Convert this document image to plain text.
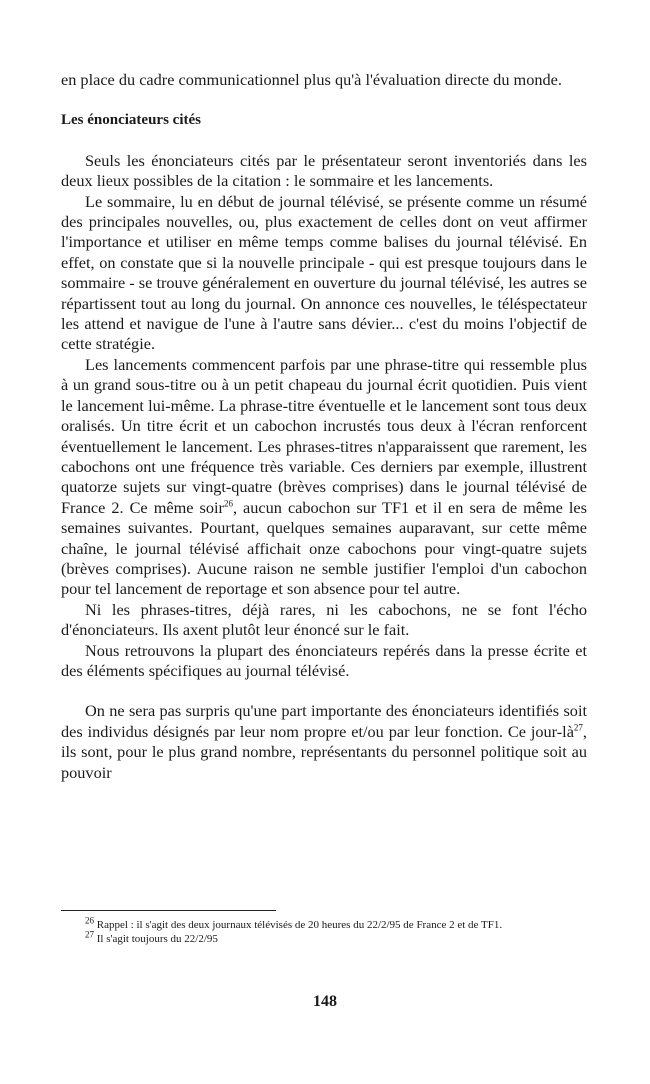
en place du cadre communicationnel plus qu'à l'évaluation directe du monde.

Les énonciateurs cités

Seuls les énonciateurs cités par le présentateur seront inventoriés dans les deux lieux possibles de la citation : le sommaire et les lancements.

Le sommaire, lu en début de journal télévisé, se présente comme un résumé des principales nouvelles, ou, plus exactement de celles dont on veut affirmer l'importance et utiliser en même temps comme balises du journal télévisé. En effet, on constate que si la nouvelle principale - qui est presque toujours dans le sommaire - se trouve généralement en ouverture du journal télévisé, les autres se répartissent tout au long du journal. On annonce ces nouvelles, le téléspectateur les attend et navigue de l'une à l'autre sans dévier... c'est du moins l'objectif de cette stratégie.

Les lancements commencent parfois par une phrase-titre qui ressemble plus à un grand sous-titre ou à un petit chapeau du journal écrit quotidien. Puis vient le lancement lui-même. La phrase-titre éventuelle et le lancement sont tous deux oralisés. Un titre écrit et un cabochon incrustés tous deux à l'écran renforcent éventuellement le lancement. Les phrases-titres n'apparaissent que rarement, les cabochons ont une fréquence très variable. Ces derniers par exemple, illustrent quatorze sujets sur vingt-quatre (brèves comprises) dans le journal télévisé de France 2. Ce même soir$^{26}$, aucun cabochon sur TF1 et il en sera de même les semaines suivantes. Pourtant, quelques semaines auparavant, sur cette même chaîne, le journal télévisé affichait onze cabochons pour vingt-quatre sujets (brèves comprises). Aucune raison ne semble justifier l'emploi d'un cabochon pour tel lancement de reportage et son absence pour tel autre.

Ni les phrases-titres, déjà rares, ni les cabochons, ne se font l'écho d'énonciateurs. Ils axent plutôt leur énoncé sur le fait.

Nous retrouvons la plupart des énonciateurs repérés dans la presse écrite et des éléments spécifiques au journal télévisé.

On ne sera pas surpris qu'une part importante des énonciateurs identifiés soit des individus désignés par leur nom propre et/ou par leur fonction. Ce jour-$là^{27}$, ils sont, pour le plus grand nombre, représentants du personnel politique soit au pouvoir

$^{26}$ Rappel : il s'agit des deux journaux télévisés de 20 heures du 22/2/95 de France 2 et de TF1.

$^{27}$ Il s'agit toujours du 22/2/95

148
